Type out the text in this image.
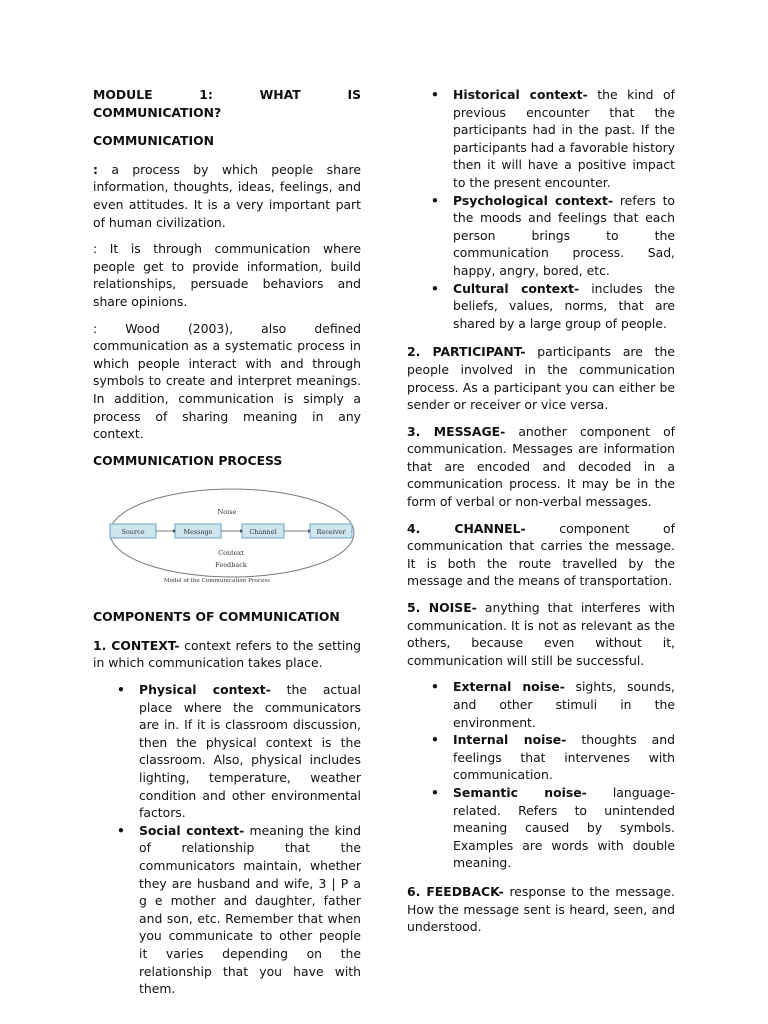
MODULE 1: WHAT IS COMMUNICATION?

COMMUNICATION

: a process by which people share information, thoughts, ideas, feelings, and even attitudes. It is a very important part of human civilization.

: It is through communication where people get to provide information, build relationships, persuade behaviors and share opinions.

: Wood (2003), also defined communication as a systematic process in which people interact with and through symbols to create and interpret meanings. In addition, communication is simply a process of sharing meaning in any context.

COMMUNICATION PROCESS

Noise
Source	Message	Channel	Receiver
Context
Feedback
Model of the Communication Process

COMPONENTS OF COMMUNICATION

1. CONTEXT- context refers to the setting in which communication takes place.

• Physical context- the actual place where the communicators are in. If it is classroom discussion, then the physical context is the classroom. Also, physical includes lighting, temperature, weather condition and other environmental factors.
• Social context- meaning the kind of relationship that the communicators maintain, whether they are husband and wife, 3 | P a g e mother and daughter, father and son, etc. Remember that when you communicate to other people it varies depending on the relationship that you have with them.
• Historical context- the kind of previous encounter that the participants had in the past. If the participants had a favorable history then it will have a positive impact to the present encounter.
• Psychological context- refers to the moods and feelings that each person brings to the communication process. Sad, happy, angry, bored, etc.
• Cultural context- includes the beliefs, values, norms, that are shared by a large group of people.

2. PARTICIPANT- participants are the people involved in the communication process. As a participant you can either be sender or receiver or vice versa.

3. MESSAGE- another component of communication. Messages are information that are encoded and decoded in a communication process. It may be in the form of verbal or non-verbal messages.

4. CHANNEL- component of communication that carries the message. It is both the route travelled by the message and the means of transportation.

5. NOISE- anything that interferes with communication. It is not as relevant as the others, because even without it, communication will still be successful.

• External noise- sights, sounds, and other stimuli in the environment.
• Internal noise- thoughts and feelings that intervenes with communication.
• Semantic noise- language-related. Refers to unintended meaning caused by symbols. Examples are words with double meaning.

6. FEEDBACK- response to the message. How the message sent is heard, seen, and understood.
